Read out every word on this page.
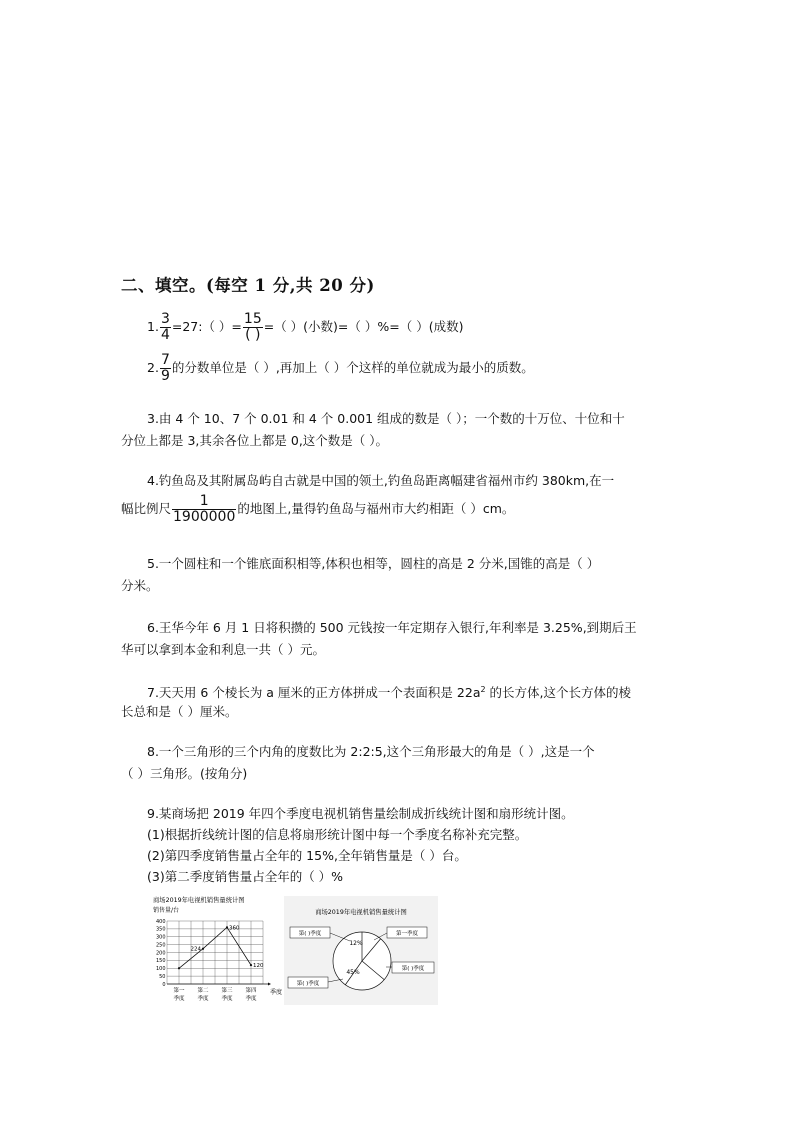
二、填空。(每空 1 分,共 20 分)
1. $\frac{3}{4}$ =27:（ ）= $\frac{15}{( )}$ =（ ）(小数)=（ ）%=（ ）(成数)
2. $\frac{7}{9}$ 的分数单位是（ ）,再加上（ ）个这样的单位就成为最小的质数。
3.由 4 个 10、7 个 0.01 和 4 个 0.001 组成的数是（ ）；一个数的十万位、十位和十
分位上都是 3,其余各位上都是 0,这个数是（ ）。
4.钓鱼岛及其附属岛屿自古就是中国的领土,钓鱼岛距离幅建省福州市约 380km,在一
幅比例尺 $\frac{1}{1900000}$ 的地图上,量得钓鱼岛与福州市大约相距（ ）cm。
5.一个圆柱和一个锥底面积相等,体积也相等，圆柱的高是 2 分米,国锥的高是（ ）
分米。
6.王华今年 6 月 1 日将积攒的 500 元钱按一年定期存入银行,年利率是 3.25%,到期后王
华可以拿到本金和利息一共（ ）元。
7.天天用 6 个棱长为 a 厘米的正方体拼成一个表面积是 $22a^2$ 的长方体,这个长方体的棱
长总和是（ ）厘米。
8.一个三角形的三个内角的度数比为 2:2:5,这个三角形最大的角是（ ）,这是一个
（ ）三角形。(按角分)
9.某商场把 2019 年四个季度电视机销售量绘制成折线统计图和扇形统计图。
(1)根据折线统计图的信息将扇形统计图中每一个季度名称补充完整。
(2)第四季度销售量占全年的 15%,全年销售量是（ ）台。
(3)第二季度销售量占全年的（ ）%
商场2019年电视机销售量统计图
销售量/台
0
50
100
150
200
250
300
350
400
第一
季度
第二
季度
第三
季度
第四
季度
季度
224
360
120
商场2019年电视机销售量统计图
第( )季度	第一季度
第( )季度
第( )季度
12%
45%
